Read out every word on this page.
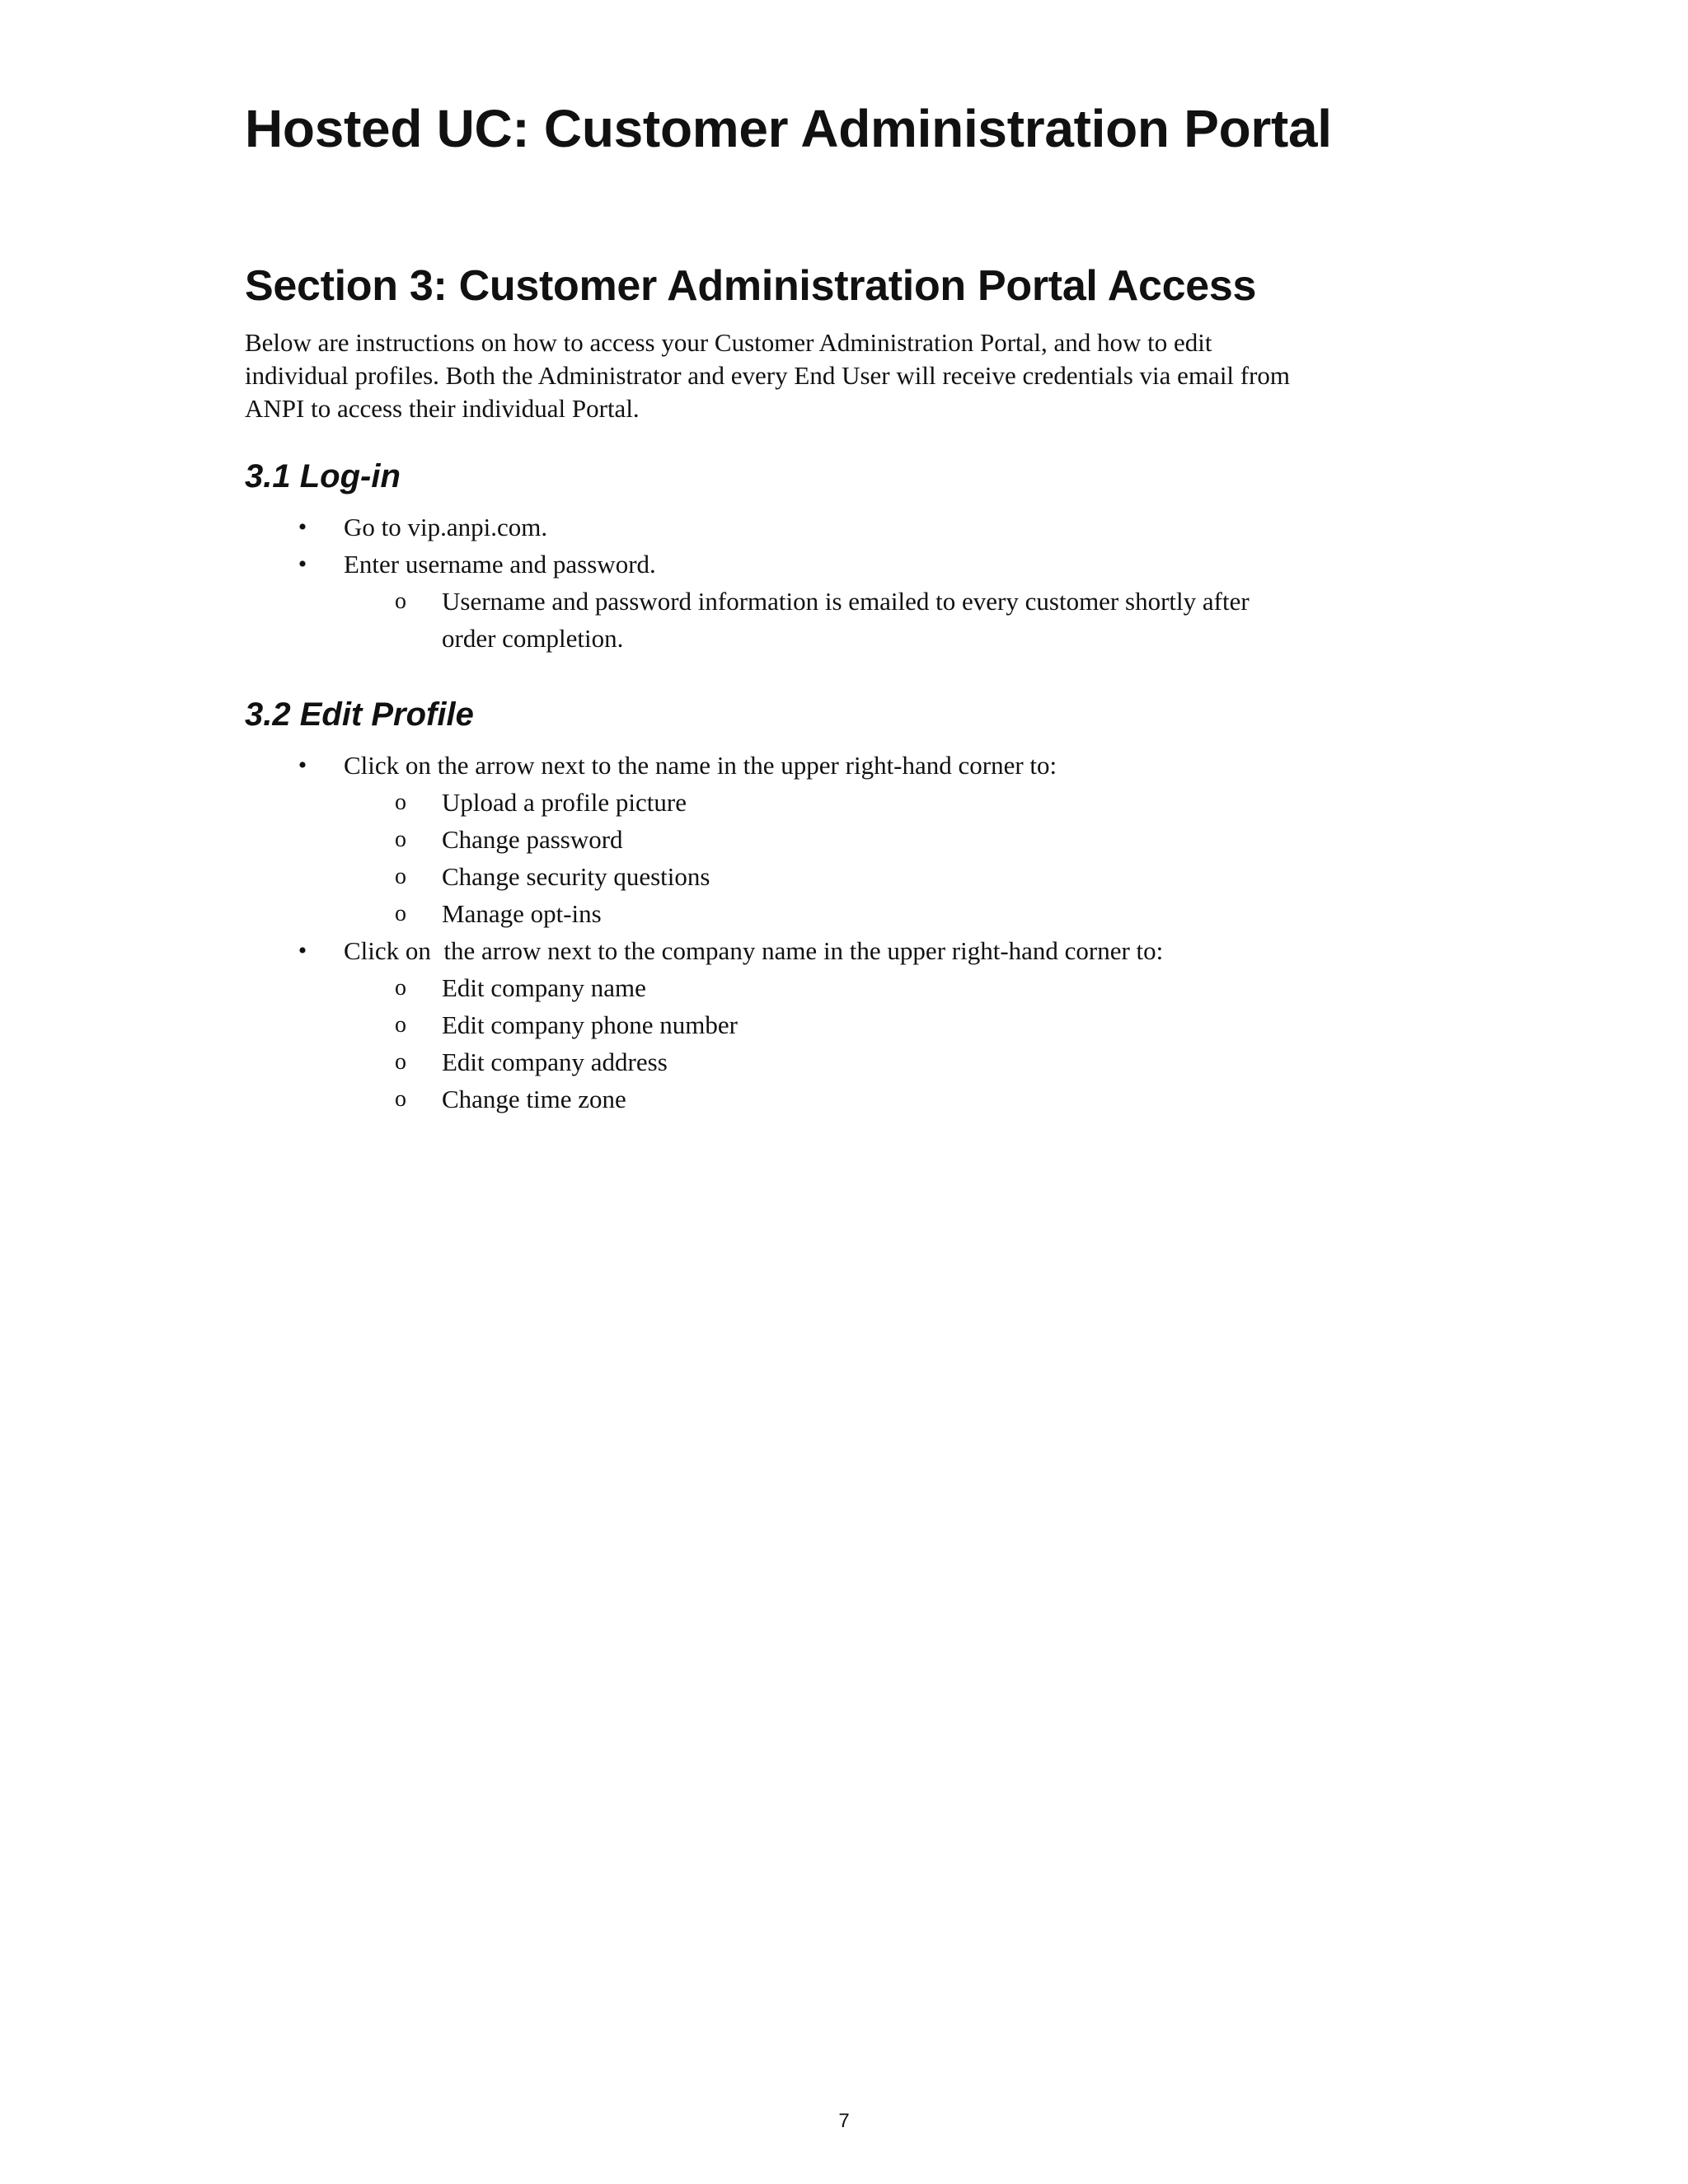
Hosted UC: Customer Administration Portal
Section 3: Customer Administration Portal Access

Below are instructions on how to access your Customer Administration Portal, and how to edit
individual profiles. Both the Administrator and every End User will receive credentials via email from
ANPI to access their individual Portal.

3.1 Log-in
•	Go to vip.anpi.com.
•	Enter username and password.
o Username and password information is emailed to every customer shortly after
order completion.
3.2 Edit Profile
•	Click on the arrow next to the name in the upper right-hand corner to:
o Upload a profile picture
o Change password
o Change security questions
o Manage opt-ins
•	Click on  the arrow next to the company name in the upper right-hand corner to:
o Edit company name
o Edit company phone number
o Edit company address
o Change time zone
7
